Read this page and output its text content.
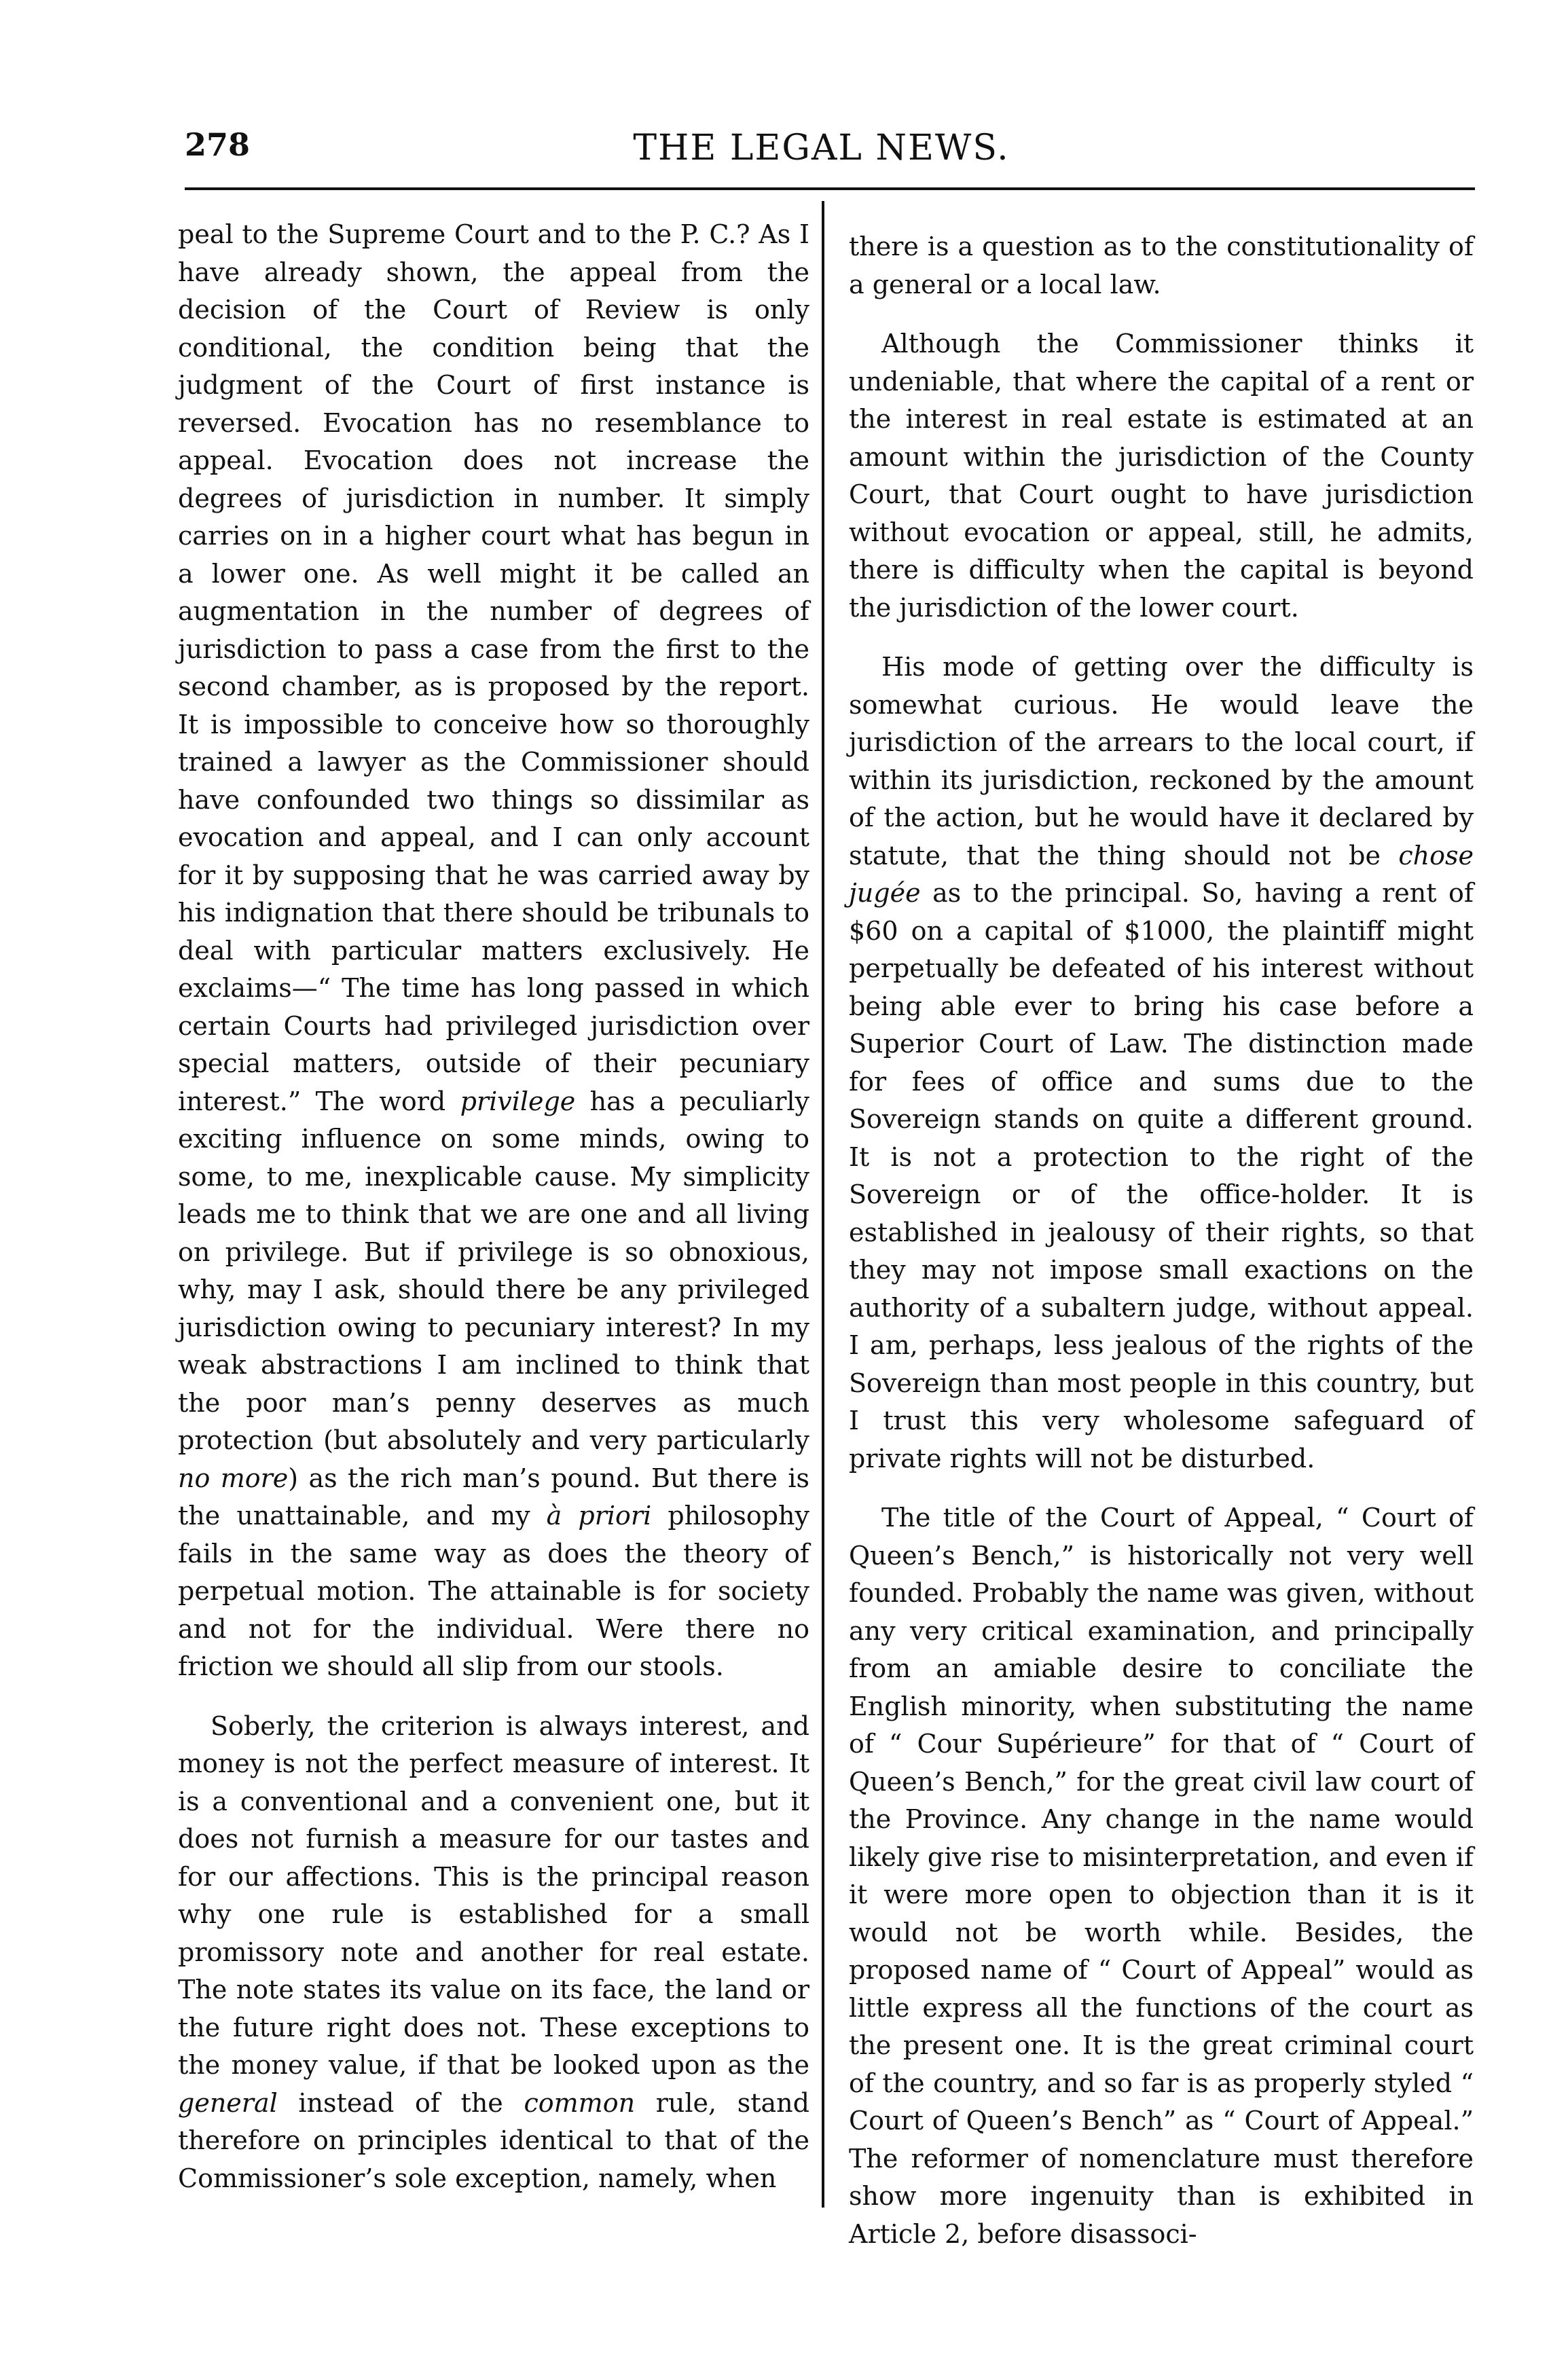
278	THE LEGAL NEWS.

peal to the Supreme Court and to the P. C.? As I have already shown, the appeal from the decision of the Court of Review is only conditional, the condition being that the judgment of the Court of first instance is reversed. Evocation has no resemblance to appeal. Evocation does not increase the degrees of jurisdiction in number. It simply carries on in a higher court what has begun in a lower one. As well might it be called an augmentation in the number of degrees of jurisdiction to pass a case from the first to the second chamber, as is proposed by the report. It is impossible to conceive how so thoroughly trained a lawyer as the Commissioner should have confounded two things so dissimilar as evocation and appeal, and I can only account for it by supposing that he was carried away by his indignation that there should be tribunals to deal with particular matters exclusively. He exclaims—“ The time has long passed in which certain Courts had privileged jurisdiction over special matters, outside of their pecuniary interest.” The word privilege has a peculiarly exciting influence on some minds, owing to some, to me, inexplicable cause. My simplicity leads me to think that we are one and all living on privilege. But if privilege is so obnoxious, why, may I ask, should there be any privileged jurisdiction owing to pecuniary interest? In my weak abstractions I am inclined to think that the poor man’s penny deserves as much protection (but absolutely and very particularly no more) as the rich man’s pound. But there is the unattainable, and my à priori philosophy fails in the same way as does the theory of perpetual motion. The attainable is for society and not for the individual. Were there no friction we should all slip from our stools.

Soberly, the criterion is always interest, and money is not the perfect measure of interest. It is a conventional and a convenient one, but it does not furnish a measure for our tastes and for our affections. This is the principal reason why one rule is established for a small promissory note and another for real estate. The note states its value on its face, the land or the future right does not. These exceptions to the money value, if that be looked upon as the general instead of the common rule, stand therefore on principles identical to that of the Commissioner’s sole exception, namely, when

there is a question as to the constitutionality of a general or a local law.

Although the Commissioner thinks it undeniable, that where the capital of a rent or the interest in real estate is estimated at an amount within the jurisdiction of the County Court, that Court ought to have jurisdiction without evocation or appeal, still, he admits, there is difficulty when the capital is beyond the jurisdiction of the lower court.

His mode of getting over the difficulty is somewhat curious. He would leave the jurisdiction of the arrears to the local court, if within its jurisdiction, reckoned by the amount of the action, but he would have it declared by statute, that the thing should not be chose jugée as to the principal. So, having a rent of $60 on a capital of $1000, the plaintiff might perpetually be defeated of his interest without being able ever to bring his case before a Superior Court of Law. The distinction made for fees of office and sums due to the Sovereign stands on quite a different ground. It is not a protection to the right of the Sovereign or of the office-holder. It is established in jealousy of their rights, so that they may not impose small exactions on the authority of a subaltern judge, without appeal. I am, perhaps, less jealous of the rights of the Sovereign than most people in this country, but I trust this very wholesome safeguard of private rights will not be disturbed.

The title of the Court of Appeal, “ Court of Queen’s Bench,” is historically not very well founded. Probably the name was given, without any very critical examination, and principally from an amiable desire to conciliate the English minority, when substituting the name of “ Cour Supérieure” for that of “ Court of Queen’s Bench,” for the great civil law court of the Province. Any change in the name would likely give rise to misinterpretation, and even if it were more open to objection than it is it would not be worth while. Besides, the proposed name of “ Court of Appeal” would as little express all the functions of the court as the present one. It is the great criminal court of the country, and so far is as properly styled “ Court of Queen’s Bench” as “ Court of Appeal.” The reformer of nomenclature must therefore show more ingenuity than is exhibited in Article 2, before disassoci-
